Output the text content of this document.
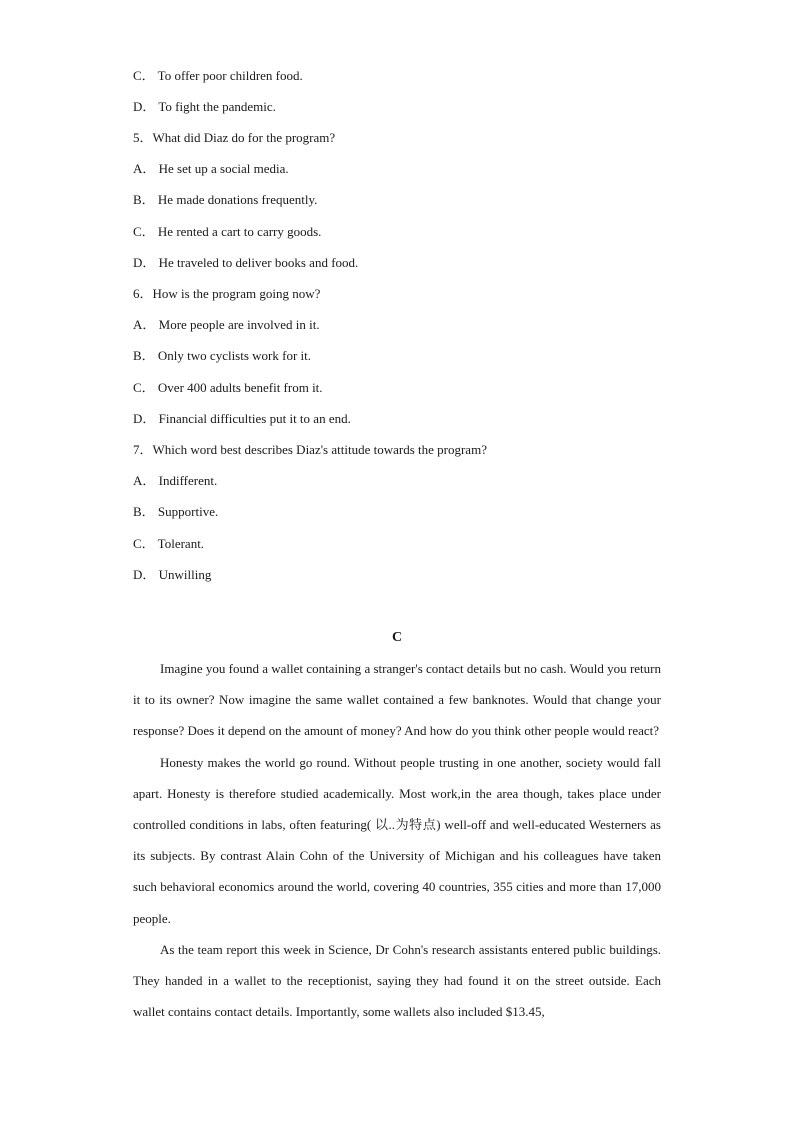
C． To offer poor children food.
D． To fight the pandemic.
5．What did Diaz do for the program?
A． He set up a social media.
B． He made donations frequently.
C． He rented a cart to carry goods.
D． He traveled to deliver books and food.
6．How is the program going now?
A． More people are involved in it.
B． Only two cyclists work for it.
C． Over 400 adults benefit from it.
D． Financial difficulties put it to an end.
7．Which word best describes Diaz's attitude towards the program?
A． Indifferent.
B． Supportive.
C． Tolerant.
D． Unwilling
C

Imagine you found a wallet containing a stranger's contact details but no cash. Would you return it to its owner? Now imagine the same wallet contained a few banknotes. Would that change your response? Does it depend on the amount of money? And how do you think other people would react?

Honesty makes the world go round. Without people trusting in one another, society would fall apart. Honesty is therefore studied academically. Most work,in the area though, takes place under controlled conditions in labs, often featuring( 以..为特点) well-off and well-educated Westerners as its subjects. By contrast Alain Cohn of the University of Michigan and his colleagues have taken such behavioral economics around the world, covering 40 countries, 355 cities and more than 17,000 people.

As the team report this week in Science, Dr Cohn's research assistants entered public buildings. They handed in a wallet to the receptionist, saying they had found it on the street outside. Each wallet contains contact details. Importantly, some wallets also included $13.45,
